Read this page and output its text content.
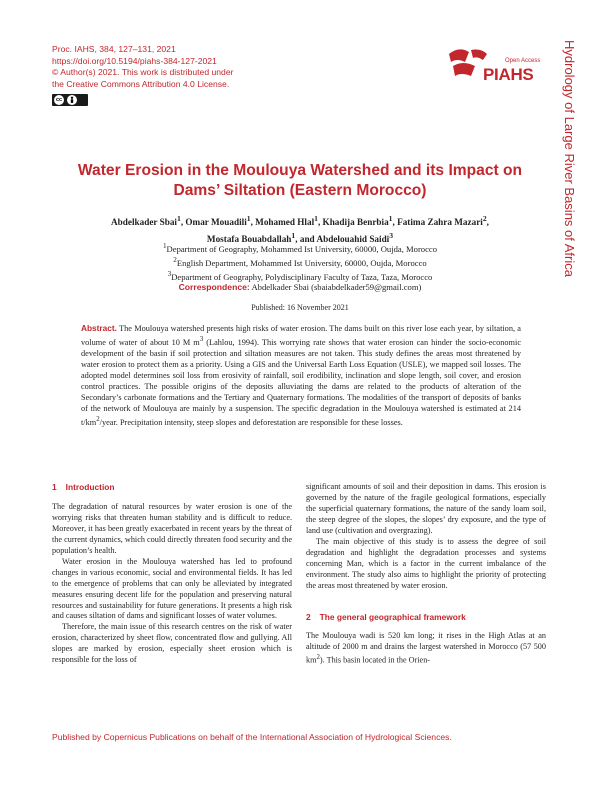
Proc. IAHS, 384, 127–131, 2021
https://doi.org/10.5194/piahs-384-127-2021
© Author(s) 2021. This work is distributed under
the Creative Commons Attribution 4.0 License.
cc
Open Access
PIAHS Hydrology of Large River Basins of Africa
Water Erosion in the Moulouya Watershed and its Impact on Dams’ Siltation (Eastern Morocco)
Abdelkader Sbai$^1$, Omar Mouadili$^1$, Mohamed Hlal$^1$, Khadija Benrbia$^1$, Fatima Zahra Mazari$^2$,
Mostafa Bouabdallah$^1$, and Abdelouahid Saidi$^3$
$^1$Department of Geography, Mohammed Ist University, 60000, Oujda, Morocco
$^2$English Department, Mohammed Ist University, 60000, Oujda, Morocco
$^3$Department of Geography, Polydisciplinary Faculty of Taza, Taza, Morocco
Correspondence: Abdelkader Sbai (sbaiabdelkader59@gmail.com)
Published: 16 November 2021
Abstract. The Moulouya watershed presents high risks of water erosion. The dams built on this river lose each year, by siltation, a volume of water of about 10 M $m^3$ (Lahlou, 1994). This worrying rate shows that water erosion can hinder the socio-economic development of the basin if soil protection and siltation measures are not taken. This study defines the areas most threatened by water erosion to protect them as a priority. Using a GIS and the Universal Earth Loss Equation (USLE), we mapped soil losses. The adopted model determines soil loss from erosivity of rainfall, soil erodibility, inclination and slope length, soil cover, and erosion control practices. The possible origins of the deposits alluviating the dams are related to the products of alteration of the Secondary’s carbonate formations and the Tertiary and Quaternary formations. The modalities of the transport of deposits of banks of the network of Moulouya are mainly by a suspension. The specific degradation in the Moulouya watershed is estimated at 214 $t/km^2$/year. Precipitation intensity, steep slopes and deforestation are responsible for these losses.
1 Introduction

The degradation of natural resources by water erosion is one of the worrying risks that threaten human stability and is difficult to reduce. Moreover, it has been greatly exacerbated in recent years by the threat of the current dynamics, which could directly threaten food security and the population’s health.

Water erosion in the Moulouya watershed has led to profound changes in various economic, social and environmental fields. It has led to the emergence of problems that can only be alleviated by integrated measures ensuring decent life for the population and preserving natural resources and sustainability for future generations. It presents a high risk and causes siltation of dams and significant losses of water volumes.

Therefore, the main issue of this research centres on the risk of water erosion, characterized by sheet flow, concentrated flow and gullying. All slopes are marked by erosion, especially sheet erosion which is responsible for the loss of

significant amounts of soil and their deposition in dams. This erosion is governed by the nature of the fragile geological formations, especially the superficial quaternary formations, the nature of the sandy loam soil, the steep degree of the slopes, the slopes’ dry exposure, and the type of land use (cultivation and overgrazing).

The main objective of this study is to assess the degree of soil degradation and highlight the degradation processes and systems concerning Man, which is a factor in the current imbalance of the environment. The study also aims to highlight the priority of protecting the areas most threatened by water erosion.

2 The general geographical framework

The Moulouya wadi is 520 km long; it rises in the High Atlas at an altitude of 2000 m and drains the largest watershed in Morocco (57 500 $km^2$). This basin located in the Orien-

Published by Copernicus Publications on behalf of the International Association of Hydrological Sciences.
